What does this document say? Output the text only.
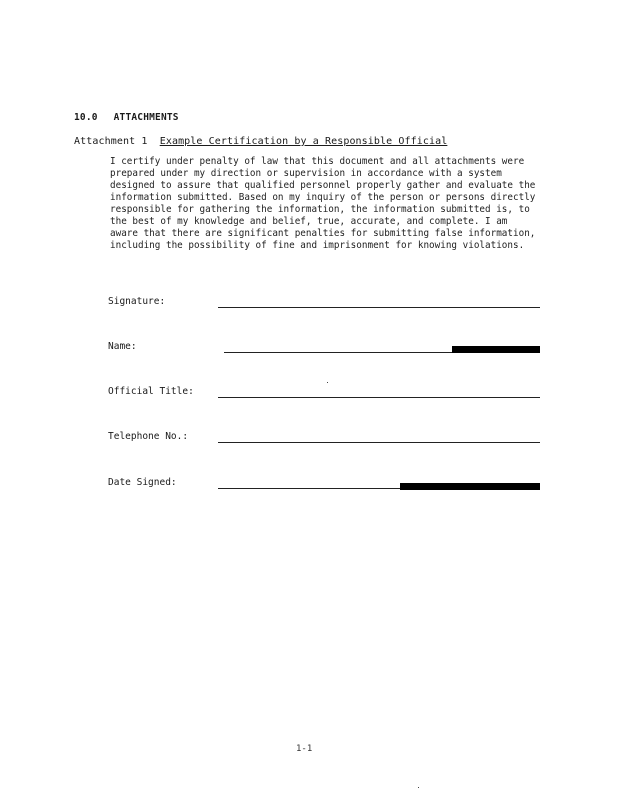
10.0 ATTACHMENTS
Attachment 1 Example Certification by a Responsible Official

I certify under penalty of law that this document and all attachments were prepared under my direction or supervision in accordance with a system designed to assure that qualified personnel properly gather and evaluate the information submitted. Based on my inquiry of the person or persons directly responsible for gathering the information, the information submitted is, to the best of my knowledge and belief, true, accurate, and complete. I am aware that there are significant penalties for submitting false information, including the possibility of fine and imprisonment for knowing violations.

Signature:
Name:
Official Title:
Telephone No.:
Date Signed:
1-1
